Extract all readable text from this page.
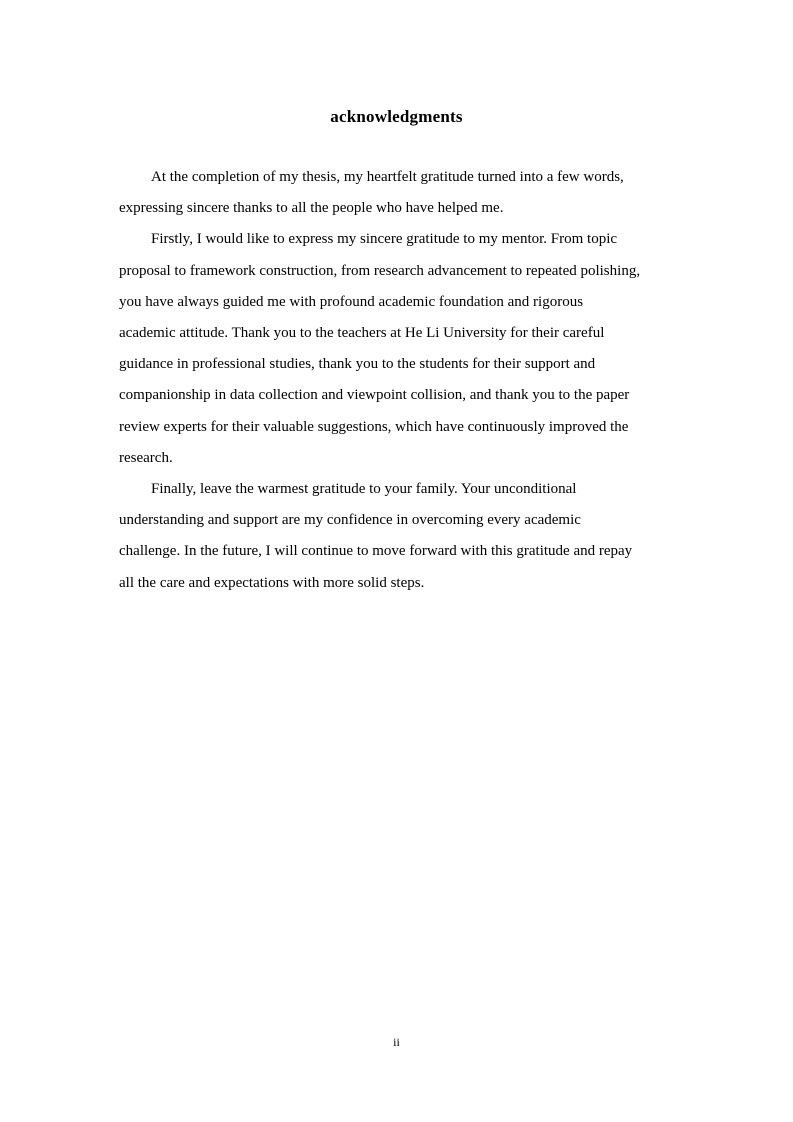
acknowledgments

At the completion of my thesis, my heartfelt gratitude turned into a few words,
expressing sincere thanks to all the people who have helped me.

Firstly, I would like to express my sincere gratitude to my mentor. From topic
proposal to framework construction, from research advancement to repeated polishing,
you have always guided me with profound academic foundation and rigorous
academic attitude. Thank you to the teachers at He Li University for their careful
guidance in professional studies, thank you to the students for their support and
companionship in data collection and viewpoint collision, and thank you to the paper
review experts for their valuable suggestions, which have continuously improved the
research.

Finally, leave the warmest gratitude to your family. Your unconditional
understanding and support are my confidence in overcoming every academic
challenge. In the future, I will continue to move forward with this gratitude and repay
all the care and expectations with more solid steps.

ii
